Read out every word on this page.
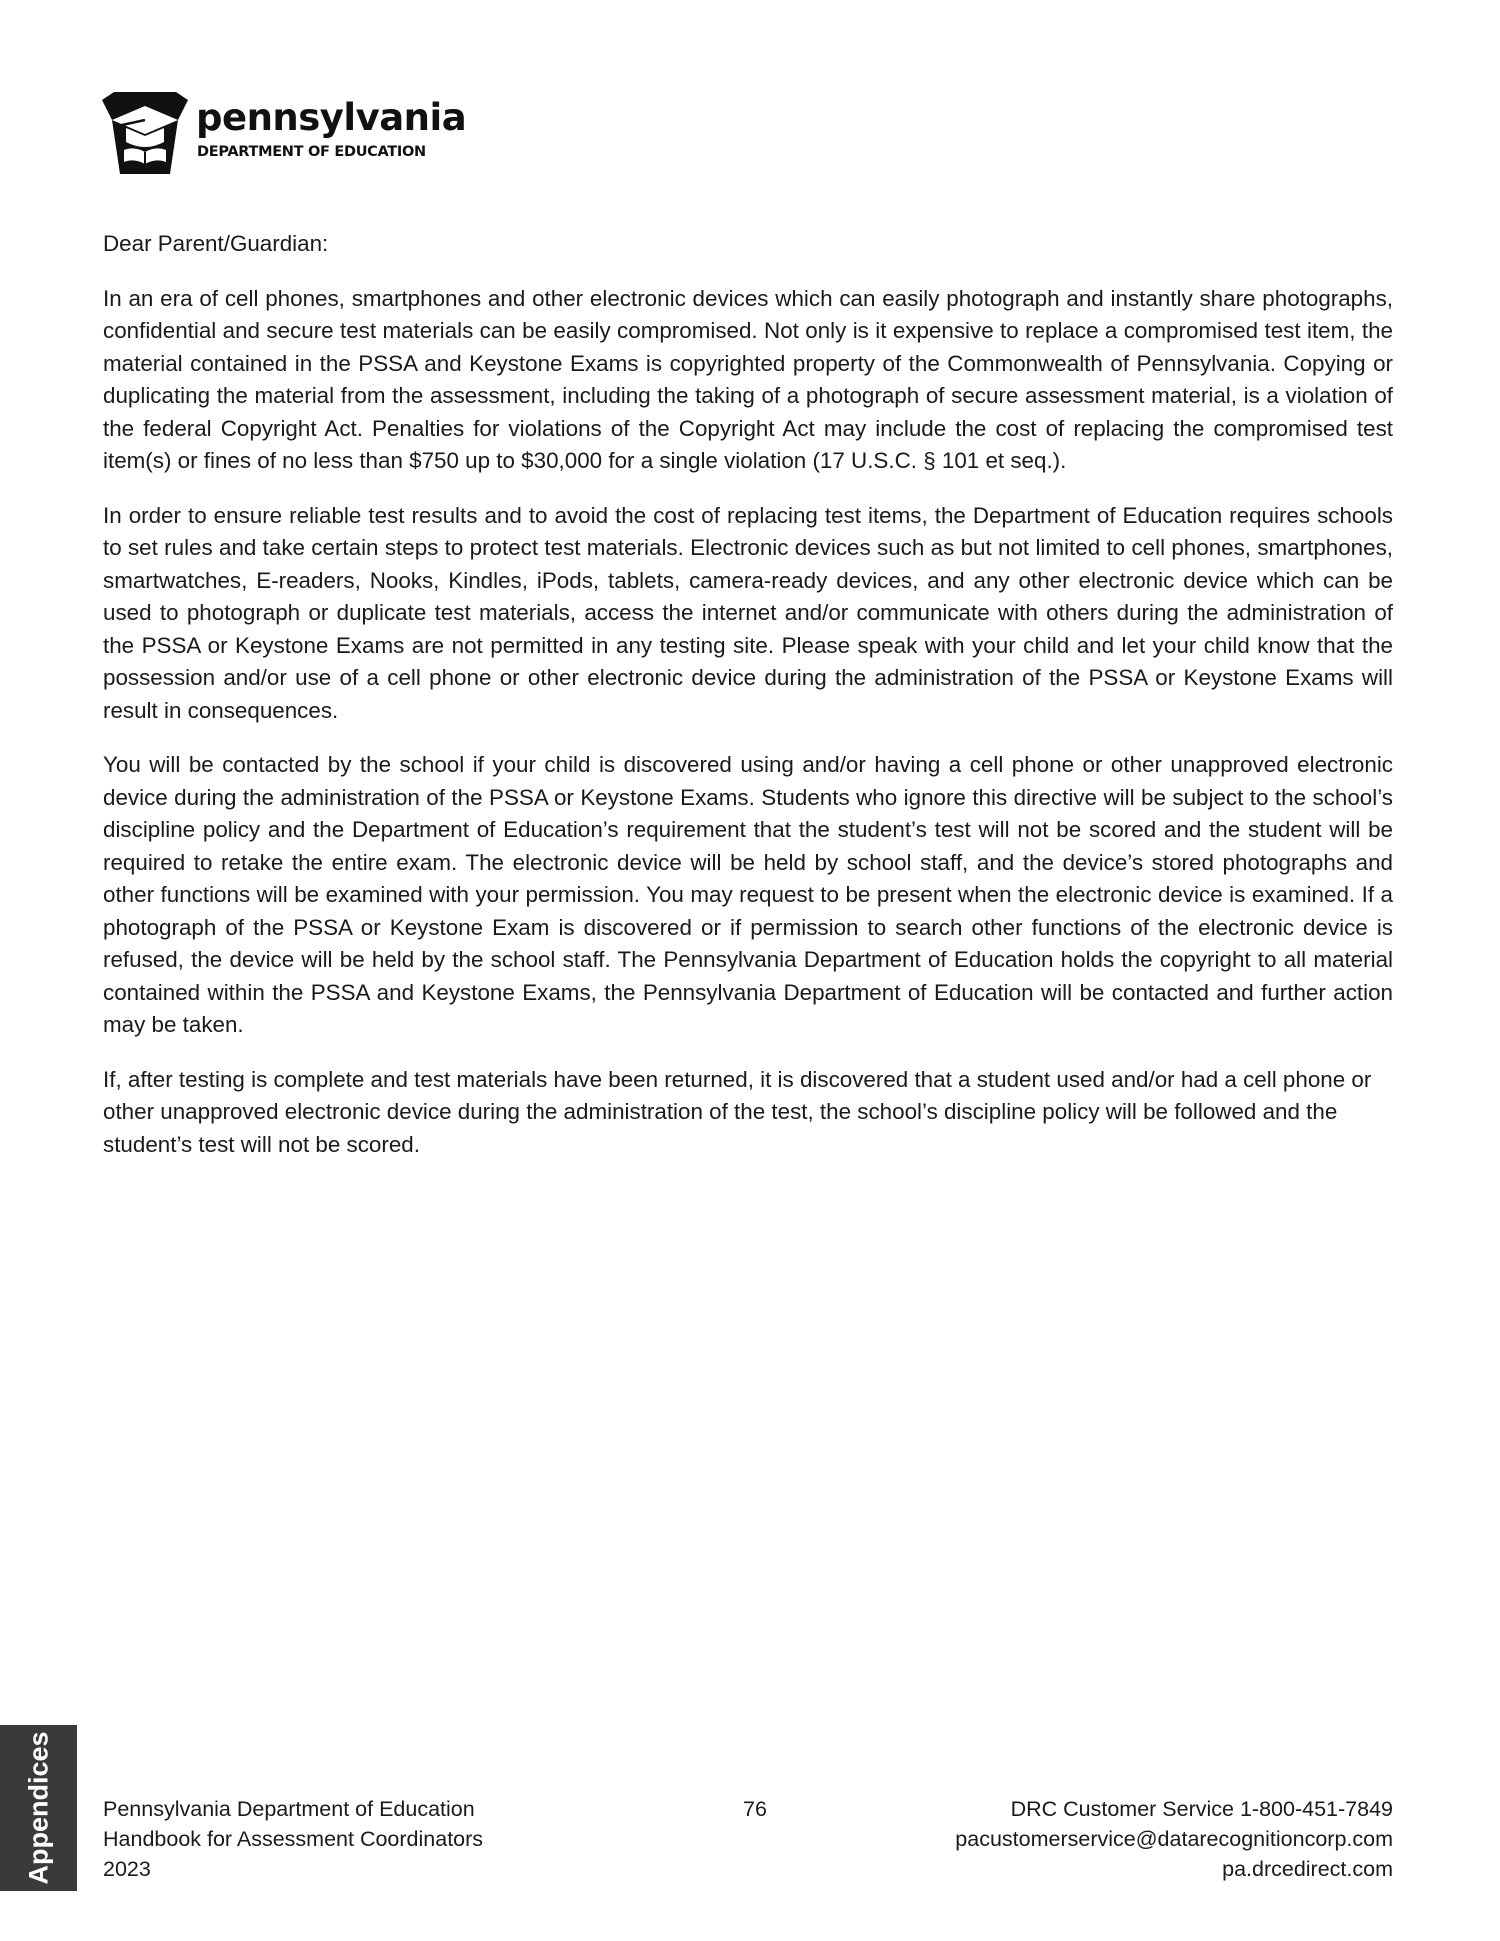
pennsylvania
DEPARTMENT OF EDUCATION

Dear Parent/Guardian:

In an era of cell phones, smartphones and other electronic devices which can easily photograph and instantly share photographs, confidential and secure test materials can be easily compromised. Not only is it expensive to replace a compromised test item, the material contained in the PSSA and Keystone Exams is copyrighted property of the Commonwealth of Pennsylvania. Copying or duplicating the material from the assessment, including the taking of a photograph of secure assessment material, is a violation of the federal Copyright Act. Penalties for violations of the Copyright Act may include the cost of replacing the compromised test item(s) or fines of no less than $750 up to $30,000 for a single violation (17 U.S.C. § 101 et seq.).

In order to ensure reliable test results and to avoid the cost of replacing test items, the Department of Education requires schools to set rules and take certain steps to protect test materials. Electronic devices such as but not limited to cell phones, smartphones, smartwatches, E-readers, Nooks, Kindles, iPods, tablets, camera-ready devices, and any other electronic device which can be used to photograph or duplicate test materials, access the internet and/or communicate with others during the administration of the PSSA or Keystone Exams are not permitted in any testing site. Please speak with your child and let your child know that the possession and/or use of a cell phone or other electronic device during the administration of the PSSA or Keystone Exams will result in consequences.

You will be contacted by the school if your child is discovered using and/or having a cell phone or other unapproved electronic device during the administration of the PSSA or Keystone Exams. Students who ignore this directive will be subject to the school’s discipline policy and the Department of Education’s requirement that the student’s test will not be scored and the student will be required to retake the entire exam. The electronic device will be held by school staff, and the device’s stored photographs and other functions will be examined with your permission. You may request to be present when the electronic device is examined. If a photograph of the PSSA or Keystone Exam is discovered or if permission to search other functions of the electronic device is refused, the device will be held by the school staff. The Pennsylvania Department of Education holds the copyright to all material contained within the PSSA and Keystone Exams, the Pennsylvania Department of Education will be contacted and further action may be taken.

If, after testing is complete and test materials have been returned, it is discovered that a student used and/or had a cell phone or other unapproved electronic device during the administration of the test, the school’s discipline policy will be followed and the student’s test will not be scored.

Appendices Pennsylvania Department of Education
Handbook for Assessment Coordinators
2023
76	DRC Customer Service 1-800-451-7849
pacustomerservice@datarecognitioncorp.com
pa.drcedirect.com
